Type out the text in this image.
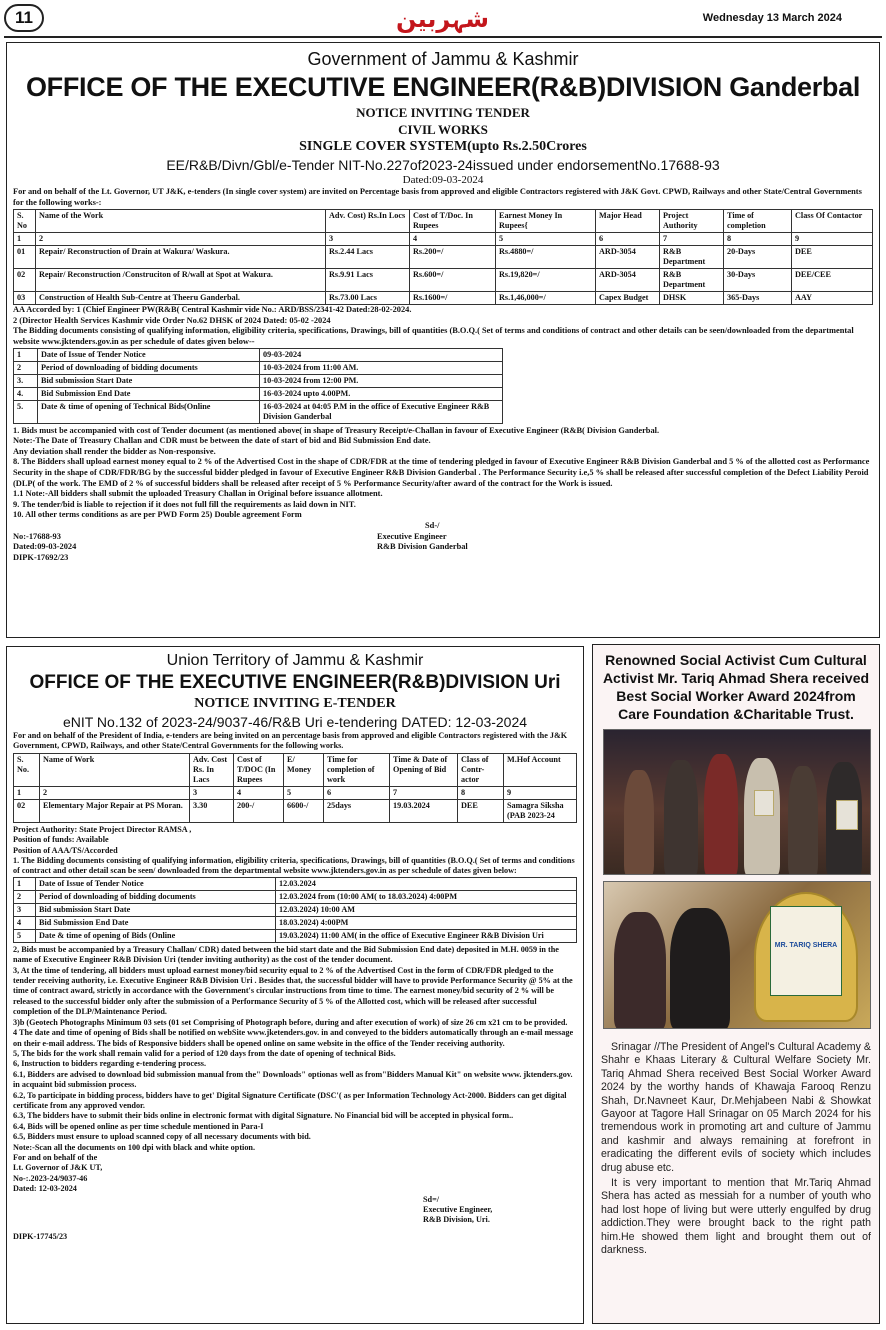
11	شہربین	Wednesday 13 March 2024
Government of Jammu & Kashmir
OFFICE OF THE EXECUTIVE ENGINEER(R&B)DIVISION Ganderbal
NOTICE INVITING TENDER
CIVIL WORKS
SINGLE COVER SYSTEM(upto Rs.2.50Crores
EE/R&B/Divn/Gbl/e-Tender NIT-No.227of2023-24issued under endorsementNo.17688-93
Dated:09-03-2024
For and on behalf of the Lt. Governor, UT J&K, e-tenders (In single cover system) are invited on Percentage basis from approved and eligible Contractors registered with J&K Govt. CPWD, Railways and other State/Central Governments for the following works-:
S. No	Name of the Work	Adv. Cost) Rs.In Locs	Cost of T/Doc. In Rupees	Earnest Money In Rupees{	Major Head	Project Authority	Time of completion	Class Of Contactor
1	2	3	4	5	6	7	8	9
01	Repair/ Reconstruction of Drain at Wakura/ Waskura.	Rs.2.44 Lacs	Rs.200=/	Rs.4880=/	ARD-3054	R&B Department	20-Days	DEE
02	Repair/ Reconstruction /Construciton of R/wall at Spot at Wakura.	Rs.9.91 Lacs	Rs.600=/	Rs.19,820=/	ARD-3054	R&B Department	30-Days	DEE/CEE
03	Construction of Health Sub-Centre at Theeru Ganderbal.	Rs.73.00 Lacs	Rs.1600=/	Rs.1,46,000=/	Capex Budget	DHSK	365-Days	AAY
AA Accorded by: 1 (Chief Engineer PW(R&B( Central Kashmir vide No.: ARD/BSS/2341-42 Dated:28-02-2024.
2 (Director Health Services Kashmir vide Order No.62 DHSK of 2024 Dated: 05-02 -2024
The Bidding documents consisting of qualifying information, eligibility criteria, specifications, Drawings, bill of quantities (B.O.Q.( Set of terms and conditions of contract and other details can be seen/downloaded from the departmental website www.jktenders.gov.in as per schedule of dates given below--
1	Date of Issue of Tender Notice	09-03-2024
2	Period of downloading of bidding documents	10-03-2024 from 11:00 AM.
3.	Bid submission Start Date	10-03-2024 from 12:00 PM.
4.	Bid Submission End Date	16-03-2024 upto 4.00PM.
5.	Date & time of opening of Technical Bids(Online	16-03-2024 at 04:05 P.M in the office of Executive Engineer R&B Division Ganderbal
1. Bids must be accompanied with cost of Tender document (as mentioned above( in shape of Treasury Receipt/e-Challan in favour of Executive Engineer (R&B( Division Ganderbal.
Note:-The Date of Treasury Challan and CDR must be between the date of start of bid and Bid Submission End date.
Any deviation shall render the bidder as Non-responsive.
8. The Bidders shall upload earnest money equal to 2 % of the Advertised Cost in the shape of CDR/FDR at the time of tendering pledged in favour of Executive Engineer R&B Division Ganderbal and 5 % of the allotted cost as Performance Security in the shape of CDR/FDR/BG by the successful bidder pledged in favour of Executive Engineer R&B Division Ganderbal . The Performance Security i.e,5 % shall be released after successful completion of the Defect Liability Peroid (DLP( of the work. The EMD of 2 % of successful bidders shall be released after receipt of 5 % Performance Security/after award of the contract for the Work is issued.
1.1 Note:-All bidders shall submit the uploaded Treasury Challan in Original before issuance allotment.
9. The tender/bid is liable to rejection if it does not full fill the requirements as laid down in NIT.
10. All other terms conditions as are per PWD Form 25) Double agreement Form
Sd-/
No:-17688-93	Executive Engineer
Dated:09-03-2024	R&B Division Ganderbal
DIPK-17692/23
Union Territory of Jammu & Kashmir
OFFICE OF THE EXECUTIVE ENGINEER(R&B)DIVISION Uri
NOTICE INVITING E-TENDER
eNIT No.132 of 2023-24/9037-46/R&B Uri e-tendering DATED: 12-03-2024
For and on behalf of the President of India, e-tenders are being invited on an percentage basis from approved and eligible Contractors registered with the J&K Government, CPWD, Railways, and other State/Central Governments for the following works.
S. No.	Name of Work	Adv. Cost Rs. In Lacs	Cost of T/DOC (In Rupees	E/ Money	Time for completion of work	Time & Date of Opening of Bid	Class of Contr- actor	M.Hof Account
1	2	3	4	5	6	7	8	9
02	Elementary Major Repair at PS Moran.	3.30	200-/	6600-/	25days	19.03.2024	DEE	Samagra Siksha (PAB 2023-24
Project Authority: State Project Director RAMSA ,
Position of funds: Available
Position of AAA/TS/Accorded
1. The Bidding documents consisting of qualifying information, eligibility criteria, specifications, Drawings, bill of quantities (B.O.Q.( Set of terms and conditions of contract and other detail scan be seen/ downloaded from the departmental website www.jktenders.gov.in as per schedule of dates given below:
1	Date of Issue of Tender Notice	12.03.2024
2	Period of downloading of bidding documents	12.03.2024 from (10:00 AM( to 18.03.2024) 4:00PM
3	Bid submission Start Date	12.03.2024) 10:00 AM
4	Bid Submission End Date	18.03.2024) 4:00PM
5	Date & time of opening of Bids (Online	19.03.2024) 11:00 AM( in the office of Executive Engineer R&B Division Uri
2, Bids must be accompanied by a Treasury Challan/ CDR) dated between the bid start date and the Bid Submission End date) deposited in M.H. 0059 in the name of Executive Engineer R&B Division Uri (tender inviting authority) as the cost of the tender document.
3, At the time of tendering, all bidders must upload earnest money/bid security equal to 2 % of the Advertised Cost in the form of CDR/FDR pledged to the tender receiving authority, i.e. Executive Engineer R&B Division Uri . Besides that, the successful bidder will have to provide Performance Security @ 5% at the time of contract award, strictly in accordance with the Government's circular instructions from time to time. The earnest money/bid security of 2 % will be released to the successful bidder only after the submission of a Performance Security of 5 % of the Allotted cost, which will be released after successful completion of the DLP/Maintenance Period.
3)b (Geotech Photographs Minimum 03 sets (01 set Comprising of Photograph before, during and after execution of work) of size 26 cm x21 cm to be provided.
4 The date and time of opening of Bids shall be notified on webSite www.jketenders.gov. in and conveyed to the bidders automatically through an e-mail message on their e-mail address. The bids of Responsive bidders shall be opened online on same website in the office of the Tender receiving authority.
5, The bids for the work shall remain valid for a period of 120 days from the date of opening of technical Bids.
6, Instruction to bidders regarding e-tendering process.
6.1, Bidders are advised to download bid submission manual from the" Downloads" optionas well as from"Bidders Manual Kit" on website www. jktenders.gov. in acquaint bid submission process.
6.2, To participate in bidding process, bidders have to get' Digital Signature Certificate (DSC'( as per Information Technology Act-2000. Bidders can get digital certificate from any approved vendor.
6.3, The bidders have to submit their bids online in electronic format with digital Signature. No Financial bid will be accepted in physical form..
6.4, Bids will be opened online as per time schedule mentioned in Para-I
6.5, Bidders must ensure to upload scanned copy of all necessary documents with bid.
Note:-Scan all the documents on 100 dpi with black and white option.
For and on behalf of the
Lt. Governor of J&K UT,
No-:.2023-24/9037-46
Dated: 12-03-2024
Sd=/
Executive Engineer,
R&B Division, Uri.
DIPK-17745/23
Renowned Social Activist Cum Cultural Activist Mr. Tariq Ahmad Shera received Best Social Worker Award 2024from Care Foundation &Charitable Trust.
MR. TARIQ SHERA

Srinagar //The President of Angel's Cultural Academy & Shahr e Khaas Literary & Cultural Welfare Society Mr. Tariq Ahmad Shera received Best Social Worker Award 2024 by the worthy hands of Khawaja Farooq Renzu Shah, Dr.Navneet Kaur, Dr.Mehjabeen Nabi & Showkat Gayoor at Tagore Hall Srinagar on 05 March 2024 for his tremendous work in promoting art and culture of Jammu and kashmir and always remaining at forefront in eradicating the different evils of society which includes drug abuse etc.

It is very important to mention that Mr.Tariq Ahmad Shera has acted as messiah for a number of youth who had lost hope of living but were utterly engulfed by drug addiction.They were brought back to the right path him.He showed them light and brought them out of darkness.
